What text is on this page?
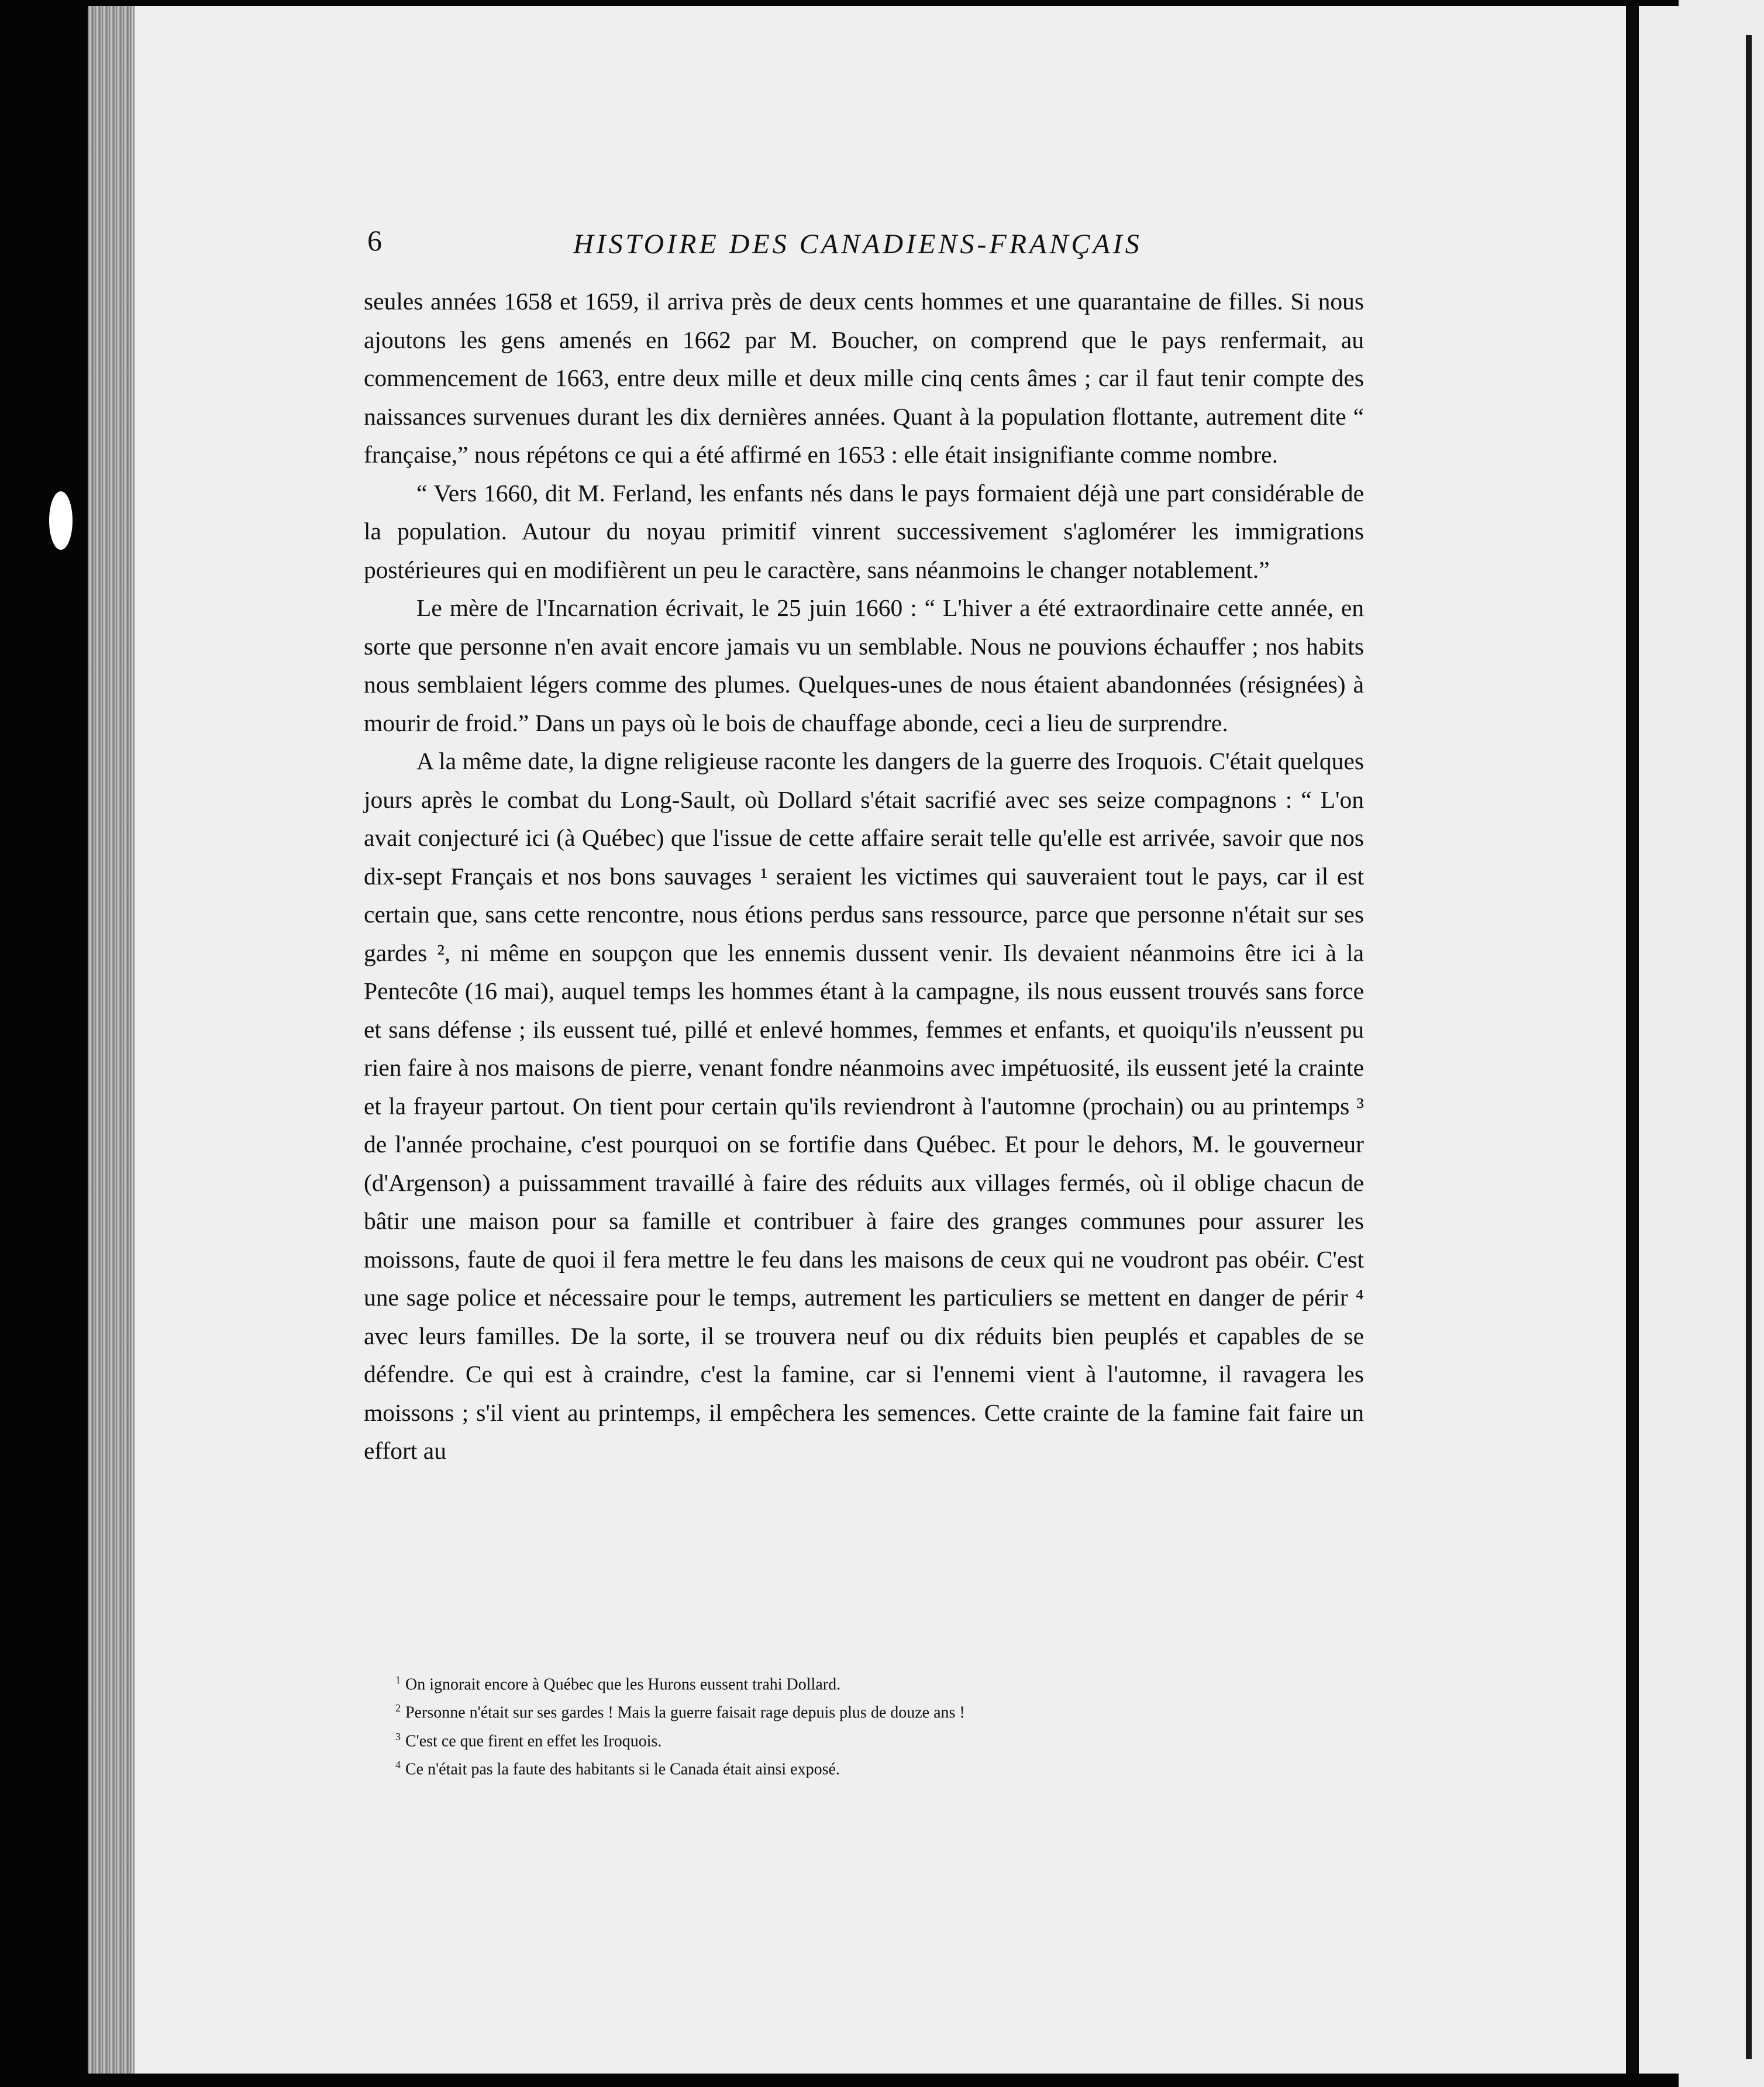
6	HISTOIRE DES CANADIENS-FRANÇAIS

seules années 1658 et 1659, il arriva près de deux cents hommes et une quarantaine de filles. Si nous ajoutons les gens amenés en 1662 par M. Boucher, on comprend que le pays renfermait, au commencement de 1663, entre deux mille et deux mille cinq cents âmes ; car il faut tenir compte des naissances survenues durant les dix dernières années. Quant à la population flottante, autrement dite “ française,” nous répétons ce qui a été affirmé en 1653 : elle était insignifiante comme nombre.

“ Vers 1660, dit M. Ferland, les enfants nés dans le pays formaient déjà une part considérable de la population. Autour du noyau primitif vinrent successivement s'aglomérer les immigrations postérieures qui en modifièrent un peu le caractère, sans néanmoins le changer notablement.”

Le mère de l'Incarnation écrivait, le 25 juin 1660 : “ L'hiver a été extraordinaire cette année, en sorte que personne n'en avait encore jamais vu un semblable. Nous ne pouvions échauffer ; nos habits nous semblaient légers comme des plumes. Quelques-unes de nous étaient abandonnées (résignées) à mourir de froid.” Dans un pays où le bois de chauffage abonde, ceci a lieu de surprendre.

A la même date, la digne religieuse raconte les dangers de la guerre des Iroquois. C'était quelques jours après le combat du Long-Sault, où Dollard s'était sacrifié avec ses seize compagnons : “ L'on avait conjecturé ici (à Québec) que l'issue de cette affaire serait telle qu'elle est arrivée, savoir que nos dix-sept Français et nos bons sauvages ¹ seraient les victimes qui sauveraient tout le pays, car il est certain que, sans cette rencontre, nous étions perdus sans ressource, parce que personne n'était sur ses gardes ², ni même en soupçon que les ennemis dussent venir. Ils devaient néanmoins être ici à la Pentecôte (16 mai), auquel temps les hommes étant à la campagne, ils nous eussent trouvés sans force et sans défense ; ils eussent tué, pillé et enlevé hommes, femmes et enfants, et quoiqu'ils n'eussent pu rien faire à nos maisons de pierre, venant fondre néanmoins avec impétuosité, ils eussent jeté la crainte et la frayeur partout. On tient pour certain qu'ils reviendront à l'automne (prochain) ou au printemps ³ de l'année prochaine, c'est pourquoi on se fortifie dans Québec. Et pour le dehors, M. le gouverneur (d'Argenson) a puissamment travaillé à faire des réduits aux villages fermés, où il oblige chacun de bâtir une maison pour sa famille et contribuer à faire des granges communes pour assurer les moissons, faute de quoi il fera mettre le feu dans les maisons de ceux qui ne voudront pas obéir. C'est une sage police et nécessaire pour le temps, autrement les particuliers se mettent en danger de périr ⁴ avec leurs familles. De la sorte, il se trouvera neuf ou dix réduits bien peuplés et capables de se défendre. Ce qui est à craindre, c'est la famine, car si l'ennemi vient à l'automne, il ravagera les moissons ; s'il vient au printemps, il empêchera les semences. Cette crainte de la famine fait faire un effort au

$^1$ On ignorait encore à Québec que les Hurons eussent trahi Dollard.
$^2$ Personne n'était sur ses gardes ! Mais la guerre faisait rage depuis plus de douze ans !
$^3$ C'est ce que firent en effet les Iroquois.
$^4$ Ce n'était pas la faute des habitants si le Canada était ainsi exposé.
